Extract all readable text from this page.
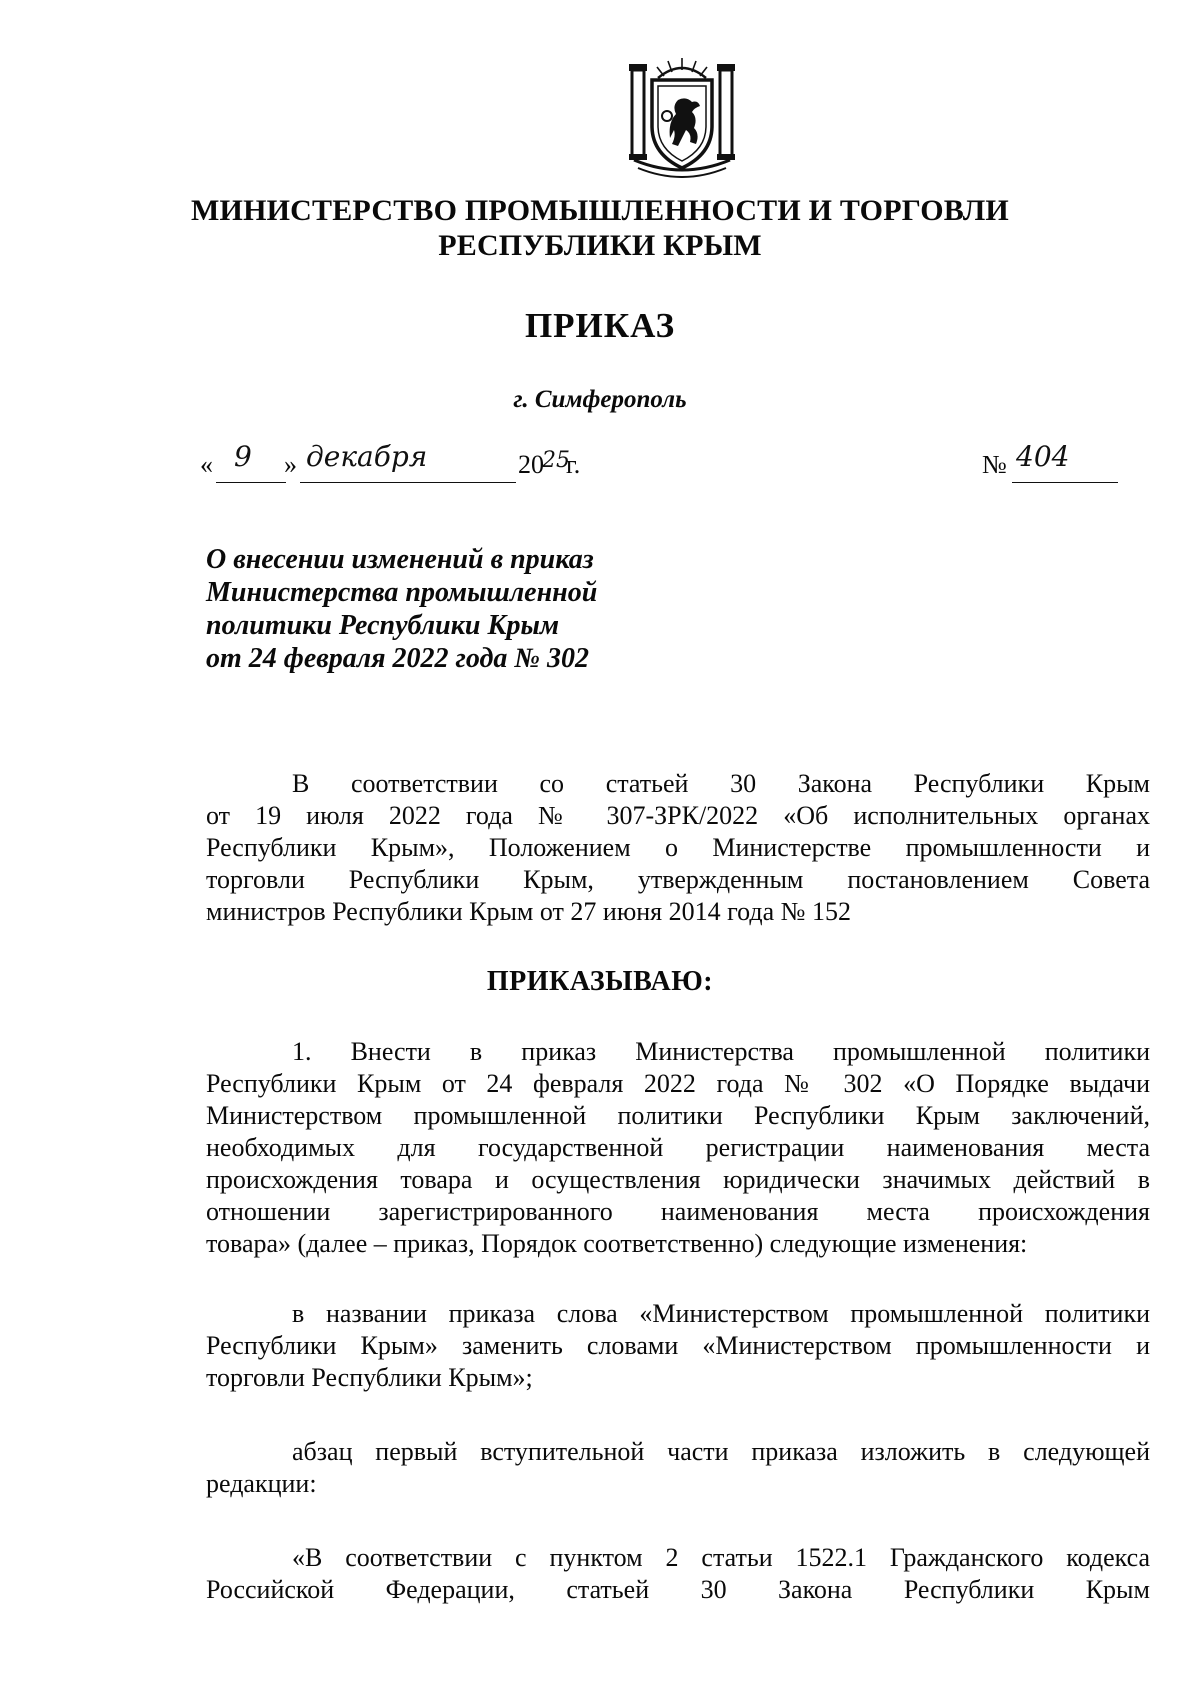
МИНИСТЕРСТВО ПРОМЫШЛЕННОСТИ И ТОРГОВЛИ
РЕСПУБЛИКИ КРЫМ
ПРИКАЗ
г. Симферополь
« 9 » декабря	20
25
г.	№ 404
О внесении изменений в приказ
Министерства промышленной
политики Республики Крым
от 24 февраля 2022 года № 302
В соответствии со статьей 30 Закона Республики Крым
от 19 июля 2022 года № 307-ЗРК/2022 «Об исполнительных органах
Республики Крым», Положением о Министерстве промышленности и
торговли Республики Крым, утвержденным постановлением Совета
министров Республики Крым от 27 июня 2014 года № 152
ПРИКАЗЫВАЮ:
1. Внести в приказ Министерства промышленной политики
Республики Крым от 24 февраля 2022 года № 302 «О Порядке выдачи
Министерством промышленной политики Республики Крым заключений,
необходимых для государственной регистрации наименования места
происхождения товара и осуществления юридически значимых действий в
отношении зарегистрированного наименования места происхождения
товара» (далее – приказ, Порядок соответственно) следующие изменения:
в названии приказа слова «Министерством промышленной политики
Республики Крым» заменить словами «Министерством промышленности и
торговли Республики Крым»;
абзац первый вступительной части приказа изложить в следующей
редакции:
«В соответствии с пунктом 2 статьи 1522.1 Гражданского кодекса
Российской Федерации, статьей 30 Закона Республики Крым
